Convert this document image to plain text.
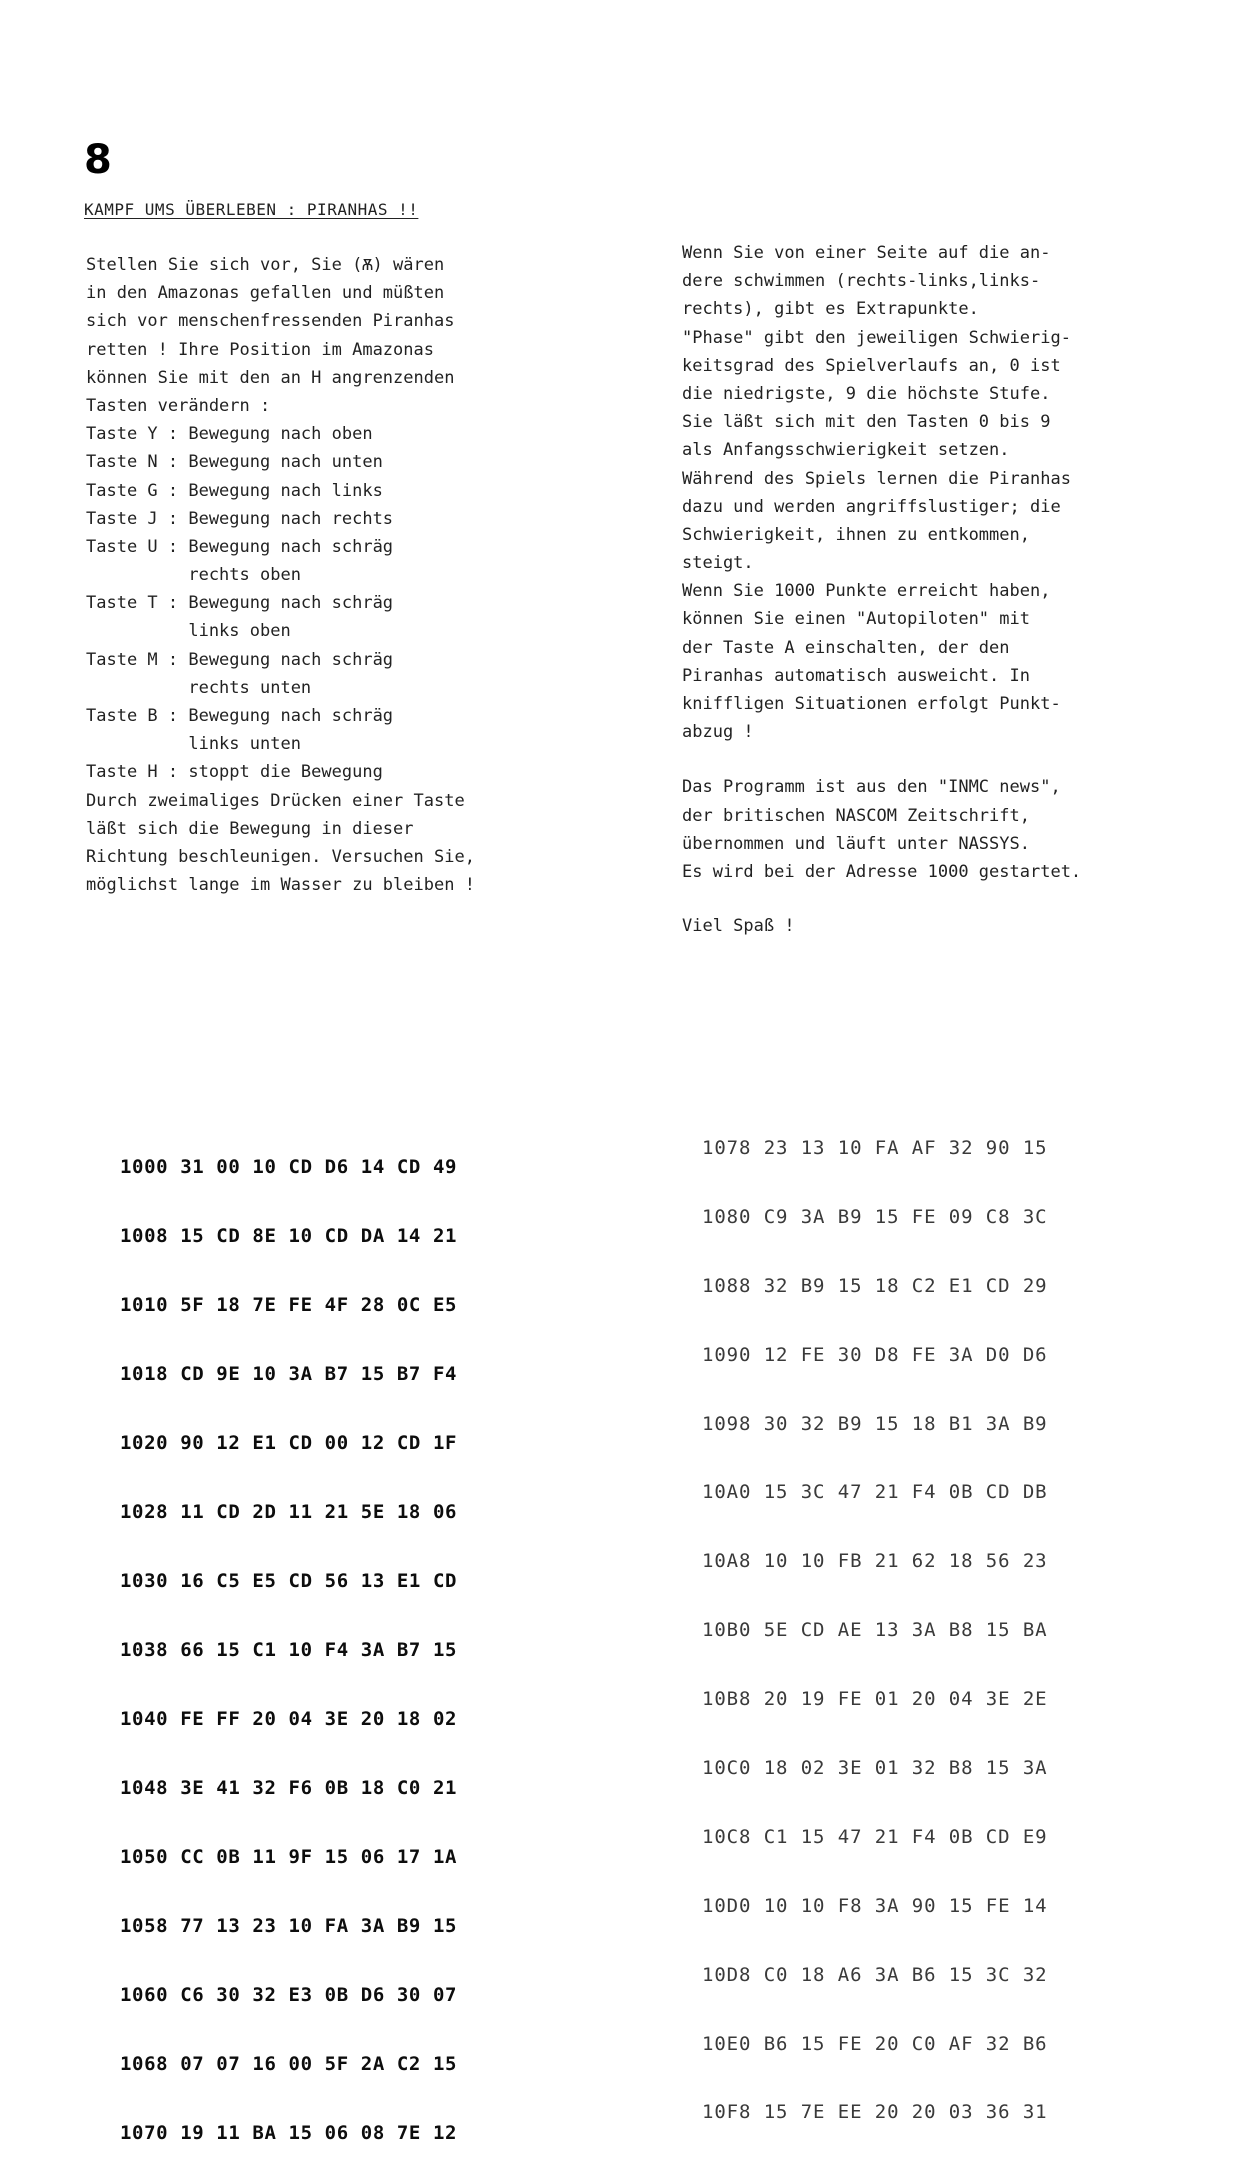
8
KAMPF UMS ÜBERLEBEN : PIRANHAS !!
Stellen Sie sich vor, Sie (Ѫ) wären
in den Amazonas gefallen und müßten
sich vor menschenfressenden Piranhas
retten ! Ihre Position im Amazonas
können Sie mit den an H angrenzenden
Tasten verändern :
Taste Y : Bewegung nach oben
Taste N : Bewegung nach unten
Taste G : Bewegung nach links
Taste J : Bewegung nach rechts
Taste U : Bewegung nach schräg
rechts oben
Taste T : Bewegung nach schräg
links oben
Taste M : Bewegung nach schräg
rechts unten
Taste B : Bewegung nach schräg
links unten
Taste H : stoppt die Bewegung
Durch zweimaliges Drücken einer Taste
läßt sich die Bewegung in dieser
Richtung beschleunigen. Versuchen Sie,
möglichst lange im Wasser zu bleiben !
Wenn Sie von einer Seite auf die an-
dere schwimmen (rechts-links,links-
rechts), gibt es Extrapunkte.
"Phase" gibt den jeweiligen Schwierig-
keitsgrad des Spielverlaufs an, 0 ist
die niedrigste, 9 die höchste Stufe.
Sie läßt sich mit den Tasten 0 bis 9
als Anfangsschwierigkeit setzen.
Während des Spiels lernen die Piranhas
dazu und werden angriffslustiger; die
Schwierigkeit, ihnen zu entkommen,
steigt.
Wenn Sie 1000 Punkte erreicht haben,
können Sie einen "Autopiloten" mit
der Taste A einschalten, der den
Piranhas automatisch ausweicht. In
kniffligen Situationen erfolgt Punkt-
abzug !
Das Programm ist aus den "INMC news",
der britischen NASCOM Zeitschrift,
übernommen und läuft unter NASSYS.
Es wird bei der Adresse 1000 gestartet.
Viel Spaß !

1000 31 00 10 CD D6 14 CD 49

1008 15 CD 8E 10 CD DA 14 21

1010 5F 18 7E FE 4F 28 0C E5

1018 CD 9E 10 3A B7 15 B7 F4

1020 90 12 E1 CD 00 12 CD 1F

1028 11 CD 2D 11 21 5E 18 06

1030 16 C5 E5 CD 56 13 E1 CD

1038 66 15 C1 10 F4 3A B7 15

1040 FE FF 20 04 3E 20 18 02

1048 3E 41 32 F6 0B 18 C0 21

1050 CC 0B 11 9F 15 06 17 1A

1058 77 13 23 10 FA 3A B9 15

1060 C6 30 32 E3 0B D6 30 07

1068 07 07 16 00 5F 2A C2 15

1070 19 11 BA 15 06 08 7E 12

1078 23 13 10 FA AF 32 90 15

1080 C9 3A B9 15 FE 09 C8 3C

1088 32 B9 15 18 C2 E1 CD 29

1090 12 FE 30 D8 FE 3A D0 D6

1098 30 32 B9 15 18 B1 3A B9

10A0 15 3C 47 21 F4 0B CD DB

10A8 10 10 FB 21 62 18 56 23

10B0 5E CD AE 13 3A B8 15 BA

10B8 20 19 FE 01 20 04 3E 2E

10C0 18 02 3E 01 32 B8 15 3A

10C8 C1 15 47 21 F4 0B CD E9

10D0 10 10 F8 3A 90 15 FE 14

10D8 C0 18 A6 3A B6 15 3C 32

10E0 B6 15 FE 20 C0 AF 32 B6

10F8 15 7E EE 20 20 03 36 31
